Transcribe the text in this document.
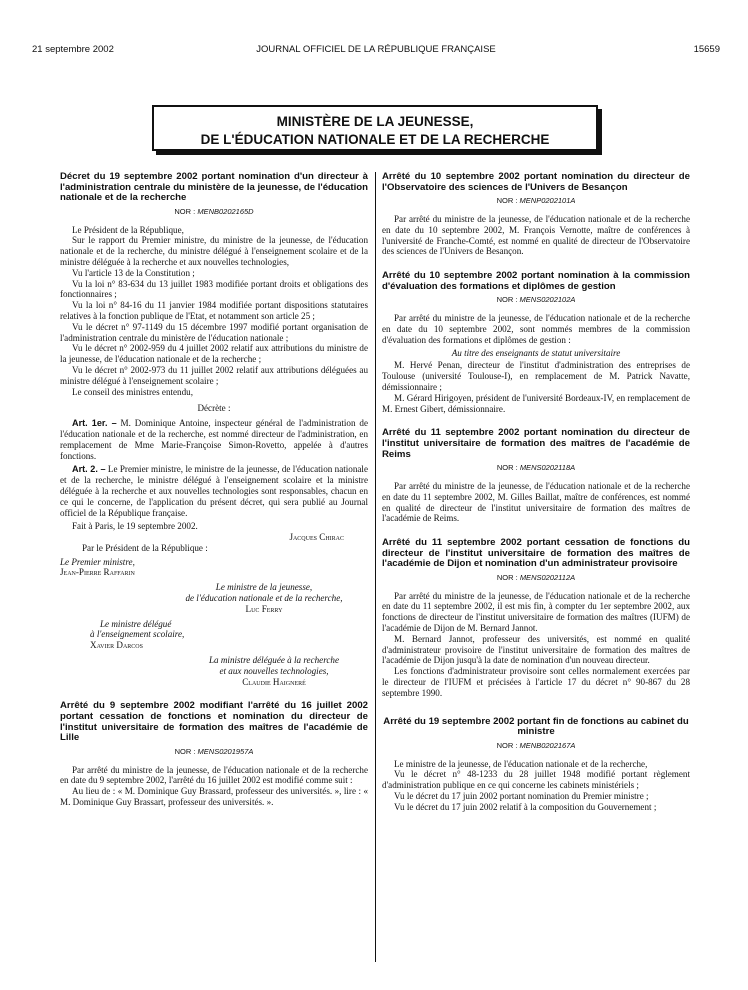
21 septembre 2002	JOURNAL OFFICIEL DE LA RÉPUBLIQUE FRANÇAISE	15659
MINISTÈRE DE LA JEUNESSE,
DE L'ÉDUCATION NATIONALE ET DE LA RECHERCHE

Décret du 19 septembre 2002 portant nomination d'un directeur à l'administration centrale du ministère de la jeunesse, de l'éducation nationale et de la recherche

NOR : MENB0202165D

Le Président de la République,

Sur le rapport du Premier ministre, du ministre de la jeunesse, de l'éducation nationale et de la recherche, du ministre délégué à l'enseignement scolaire et de la ministre déléguée à la recherche et aux nouvelles technologies,

Vu l'article 13 de la Constitution ;

Vu la loi n° 83-634 du 13 juillet 1983 modifiée portant droits et obligations des fonctionnaires ;

Vu la loi n° 84-16 du 11 janvier 1984 modifiée portant dispositions statutaires relatives à la fonction publique de l'Etat, et notamment son article 25 ;

Vu le décret n° 97-1149 du 15 décembre 1997 modifié portant organisation de l'administration centrale du ministère de l'éducation nationale ;

Vu le décret n° 2002-959 du 4 juillet 2002 relatif aux attributions du ministre de la jeunesse, de l'éducation nationale et de la recherche ;

Vu le décret n° 2002-973 du 11 juillet 2002 relatif aux attributions déléguées au ministre délégué à l'enseignement scolaire ;

Le conseil des ministres entendu,

Décrète :

Art. 1er. – M. Dominique Antoine, inspecteur général de l'administration de l'éducation nationale et de la recherche, est nommé directeur de l'administration, en remplacement de Mme Marie-Françoise Simon-Rovetto, appelée à d'autres fonctions.

Art. 2. – Le Premier ministre, le ministre de la jeunesse, de l'éducation nationale et de la recherche, le ministre délégué à l'enseignement scolaire et la ministre déléguée à la recherche et aux nouvelles technologies sont responsables, chacun en ce qui le concerne, de l'application du présent décret, qui sera publié au Journal officiel de la République française.

Fait à Paris, le 19 septembre 2002.

Jacques Chirac

Par le Président de la République :

Le Premier ministre,

Jean-Pierre Raffarin

Le ministre de la jeunesse,

de l'éducation nationale et de la recherche,

Luc Ferry

Le ministre délégué

à l'enseignement scolaire,

Xavier Darcos

La ministre déléguée à la recherche

et aux nouvelles technologies,

Claudie Haigneré

Arrêté du 9 septembre 2002 modifiant l'arrêté du 16 juillet 2002 portant cessation de fonctions et nomination du directeur de l'institut universitaire de formation des maîtres de l'académie de Lille

NOR : MENS0201957A

Par arrêté du ministre de la jeunesse, de l'éducation nationale et de la recherche en date du 9 septembre 2002, l'arrêté du 16 juillet 2002 est modifié comme suit :

Au lieu de : « M. Dominique Guy Brassard, professeur des universités. », lire : « M. Dominique Guy Brassart, professeur des universités. ».

Arrêté du 10 septembre 2002 portant nomination du directeur de l'Observatoire des sciences de l'Univers de Besançon

NOR : MENP0202101A

Par arrêté du ministre de la jeunesse, de l'éducation nationale et de la recherche en date du 10 septembre 2002, M. François Vernotte, maître de conférences à l'université de Franche-Comté, est nommé en qualité de directeur de l'Observatoire des sciences de l'Univers de Besançon.

Arrêté du 10 septembre 2002 portant nomination à la commission d'évaluation des formations et diplômes de gestion

NOR : MENS0202102A

Par arrêté du ministre de la jeunesse, de l'éducation nationale et de la recherche en date du 10 septembre 2002, sont nommés membres de la commission d'évaluation des formations et diplômes de gestion :

Au titre des enseignants de statut universitaire

M. Hervé Penan, directeur de l'institut d'administration des entreprises de Toulouse (université Toulouse-I), en remplacement de M. Patrick Navatte, démissionnaire ;

M. Gérard Hirigoyen, président de l'université Bordeaux-IV, en remplacement de M. Ernest Gibert, démissionnaire.

Arrêté du 11 septembre 2002 portant nomination du directeur de l'institut universitaire de formation des maîtres de l'académie de Reims

NOR : MENS0202118A

Par arrêté du ministre de la jeunesse, de l'éducation nationale et de la recherche en date du 11 septembre 2002, M. Gilles Baillat, maître de conférences, est nommé en qualité de directeur de l'institut universitaire de formation des maîtres de l'académie de Reims.

Arrêté du 11 septembre 2002 portant cessation de fonctions du directeur de l'institut universitaire de formation des maîtres de l'académie de Dijon et nomination d'un administrateur provisoire

NOR : MENS0202112A

Par arrêté du ministre de la jeunesse, de l'éducation nationale et de la recherche en date du 11 septembre 2002, il est mis fin, à compter du 1er septembre 2002, aux fonctions de directeur de l'institut universitaire de formation des maîtres (IUFM) de l'académie de Dijon de M. Bernard Jannot.

M. Bernard Jannot, professeur des universités, est nommé en qualité d'administrateur provisoire de l'institut universitaire de formation des maîtres de l'académie de Dijon jusqu'à la date de nomination d'un nouveau directeur.

Les fonctions d'administrateur provisoire sont celles normalement exercées par le directeur de l'IUFM et précisées à l'article 17 du décret n° 90-867 du 28 septembre 1990.

Arrêté du 19 septembre 2002 portant fin de fonctions au cabinet du ministre

NOR : MENB0202167A

Le ministre de la jeunesse, de l'éducation nationale et de la recherche,

Vu le décret n° 48-1233 du 28 juillet 1948 modifié portant règlement d'administration publique en ce qui concerne les cabinets ministériels ;

Vu le décret du 17 juin 2002 portant nomination du Premier ministre ;

Vu le décret du 17 juin 2002 relatif à la composition du Gouvernement ;
